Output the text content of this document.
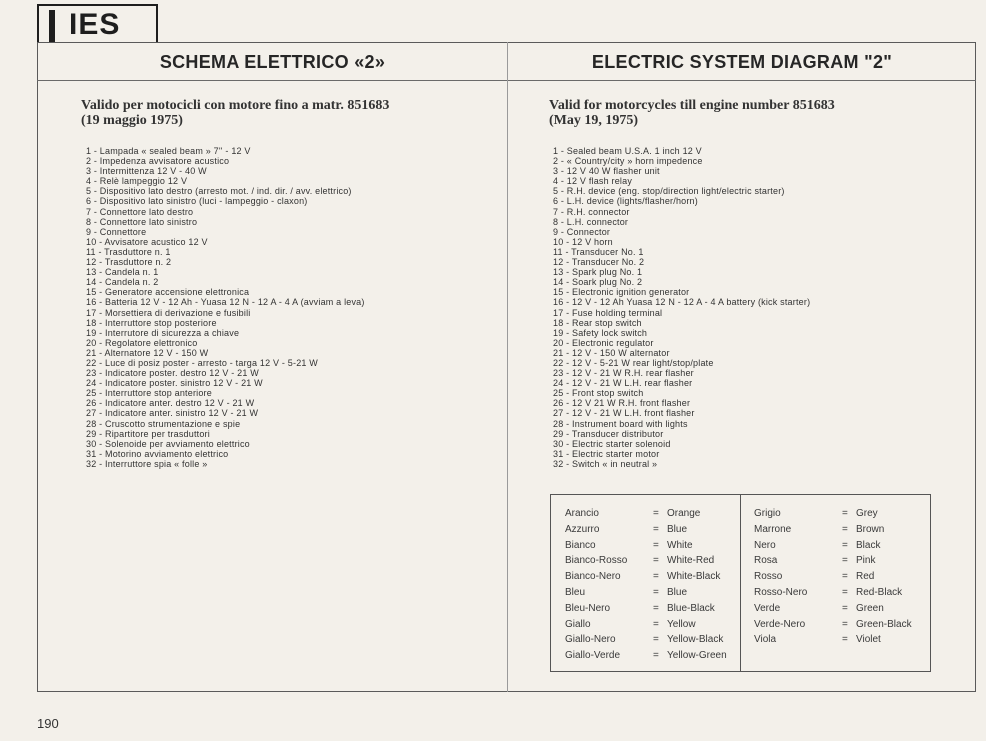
IES
SCHEMA ELETTRICO «2»	ELECTRIC SYSTEM DIAGRAM "2"
Valido per motocicli con motore fino a matr. 851683
(19 maggio 1975)
Valid for motorcycles till engine number 851683
(May 19, 1975)
1 - Lampada « sealed beam » 7'' - 12 V
2 - Impedenza avvisatore acustico
3 - Intermittenza 12 V - 40 W
4 - Relè lampeggio 12 V
5 - Dispositivo lato destro (arresto mot. / ind. dir. / avv. elettrico)
6 - Dispositivo lato sinistro (luci - lampeggio - claxon)
7 - Connettore lato destro
8 - Connettore lato sinistro
9 - Connettore
10 - Avvisatore acustico 12 V
11 - Trasduttore n. 1
12 - Trasduttore n. 2
13 - Candela n. 1
14 - Candela n. 2
15 - Generatore accensione elettronica
16 - Batteria 12 V - 12 Ah - Yuasa 12 N - 12 A - 4 A (avviam a leva)
17 - Morsettiera di derivazione e fusibili
18 - Interruttore stop posteriore
19 - Interrutore di sicurezza a chiave
20 - Regolatore elettronico
21 - Alternatore 12 V - 150 W
22 - Luce di posiz poster - arresto - targa 12 V - 5-21 W
23 - Indicatore poster. destro 12 V - 21 W
24 - Indicatore poster. sinistro 12 V - 21 W
25 - Interruttore stop anteriore
26 - Indicatore anter. destro 12 V - 21 W
27 - Indicatore anter. sinistro 12 V - 21 W
28 - Cruscotto strumentazione e spie
29 - Ripartitore per trasduttori
30 - Solenoide per avviamento elettrico
31 - Motorino avviamento elettrico
32 - Interruttore spia « folle »
1 - Sealed beam U.S.A. 1 inch 12 V
2 - « Country/city » horn impedence
3 - 12 V 40 W flasher unit
4 - 12 V flash relay
5 - R.H. device (eng. stop/direction light/electric starter)
6 - L.H. device (lights/flasher/horn)
7 - R.H. connector
8 - L.H. connector
9 - Connector
10 - 12 V horn
11 - Transducer No. 1
12 - Transducer No. 2
13 - Spark plug No. 1
14 - Soark plug No. 2
15 - Electronic ignition generator
16 - 12 V - 12 Ah Yuasa 12 N - 12 A - 4 A battery (kick starter)
17 - Fuse holding terminal
18 - Rear stop switch
19 - Safety lock switch
20 - Electronic regulator
21 - 12 V - 150 W alternator
22 - 12 V - 5-21 W rear light/stop/plate
23 - 12 V - 21 W R.H. rear flasher
24 - 12 V - 21 W L.H. rear flasher
25 - Front stop switch
26 - 12 V 21 W R.H. front flasher
27 - 12 V - 21 W L.H. front flasher
28 - Instrument board with lights
29 - Transducer distributor
30 - Electric starter solenoid
31 - Electric starter motor
32 - Switch « in neutral »
Arancio	= Orange
Azzurro	= Blue
Bianco	= White
Bianco-Rosso	= White-Red
Bianco-Nero	= White-Black
Bleu	= Blue
Bleu-Nero	= Blue-Black
Giallo	= Yellow
Giallo-Nero	= Yellow-Black
Giallo-Verde	= Yellow-Green
Grigio	= Grey
Marrone	= Brown
Nero	= Black
Rosa	= Pink
Rosso	= Red
Rosso-Nero	= Red-Black
Verde	= Green
Verde-Nero	= Green-Black
Viola	= Violet
190
